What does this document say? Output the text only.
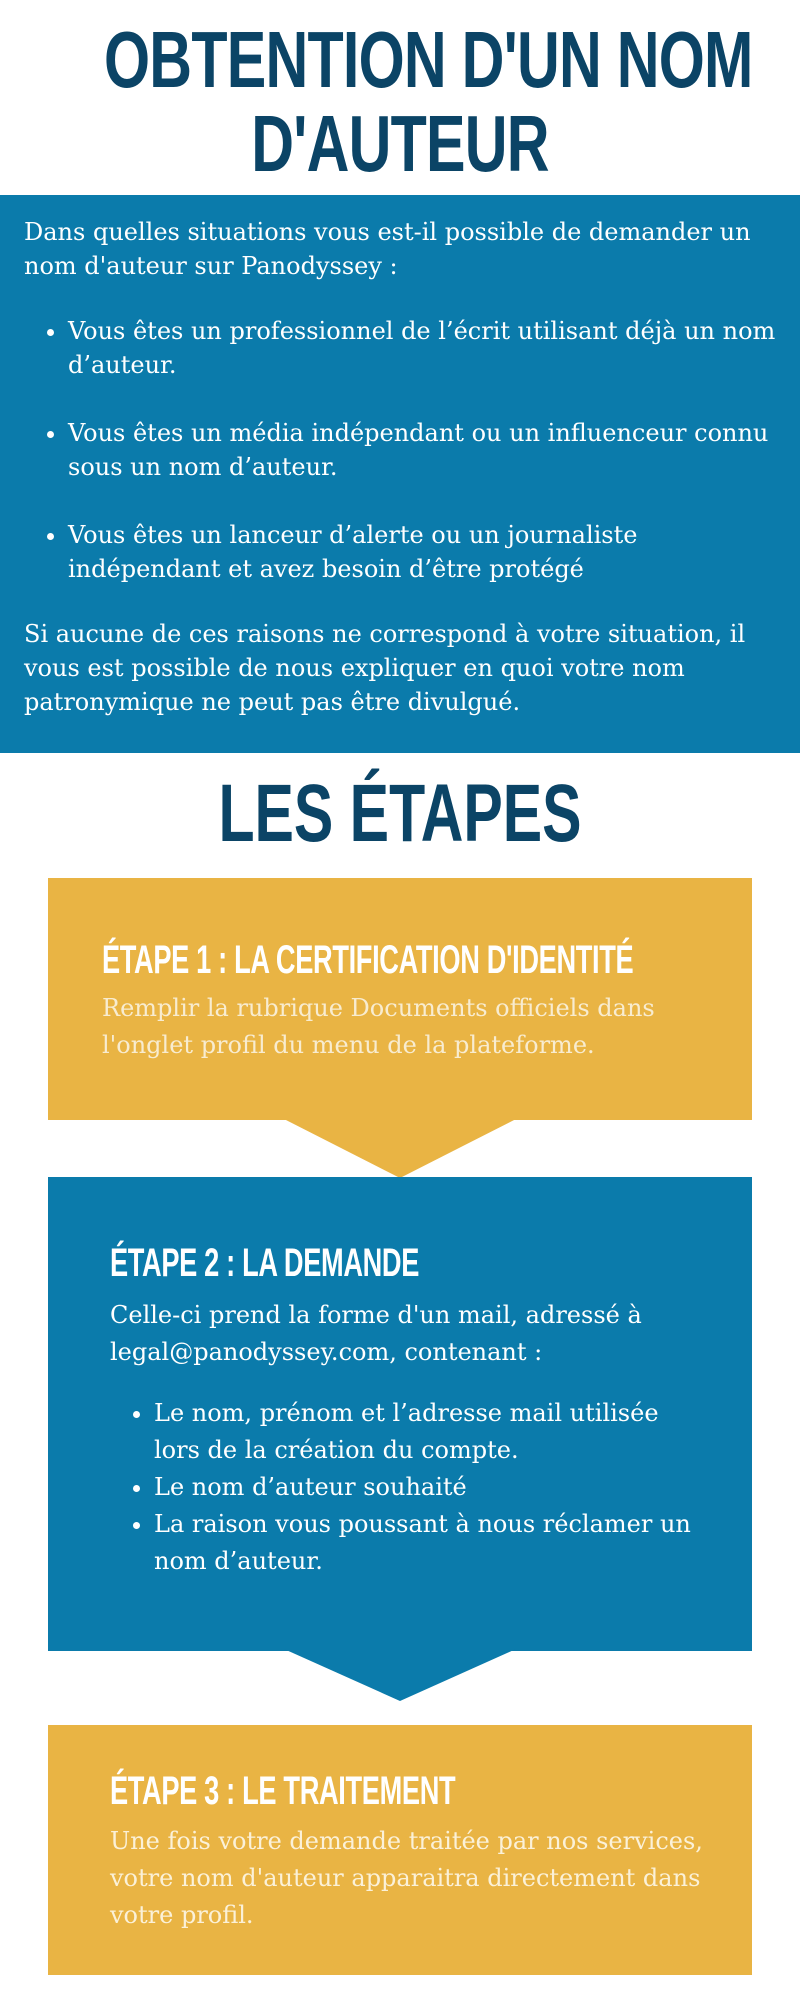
OBTENTION D'UN NOM
D'AUTEUR

Dans quelles situations vous est-il possible de demander un nom d'auteur sur Panodyssey :

• Vous êtes un professionnel de l’écrit utilisant déjà un nom d’auteur.
• Vous êtes un média indépendant ou un influenceur connu sous un nom d’auteur.
• Vous êtes un lanceur d’alerte ou un journaliste indépendant et avez besoin d’être protégé

Si aucune de ces raisons ne correspond à votre situation, il vous est possible de nous expliquer en quoi votre nom patronymique ne peut pas être divulgué.

LES ÉTAPES
ÉTAPE 1 : LA CERTIFICATION D'IDENTITÉ

Remplir la rubrique Documents officiels dans l'onglet profil du menu de la plateforme.

ÉTAPE 2 : LA DEMANDE

Celle-ci prend la forme d'un mail, adressé à legal@panodyssey.com, contenant :

• Le nom, prénom et l’adresse mail utilisée lors de la création du compte.
• Le nom d’auteur souhaité
• La raison vous poussant à nous réclamer un nom d’auteur.
ÉTAPE 3 : LE TRAITEMENT

Une fois votre demande traitée par nos services, votre nom d'auteur apparaitra directement dans votre profil.
